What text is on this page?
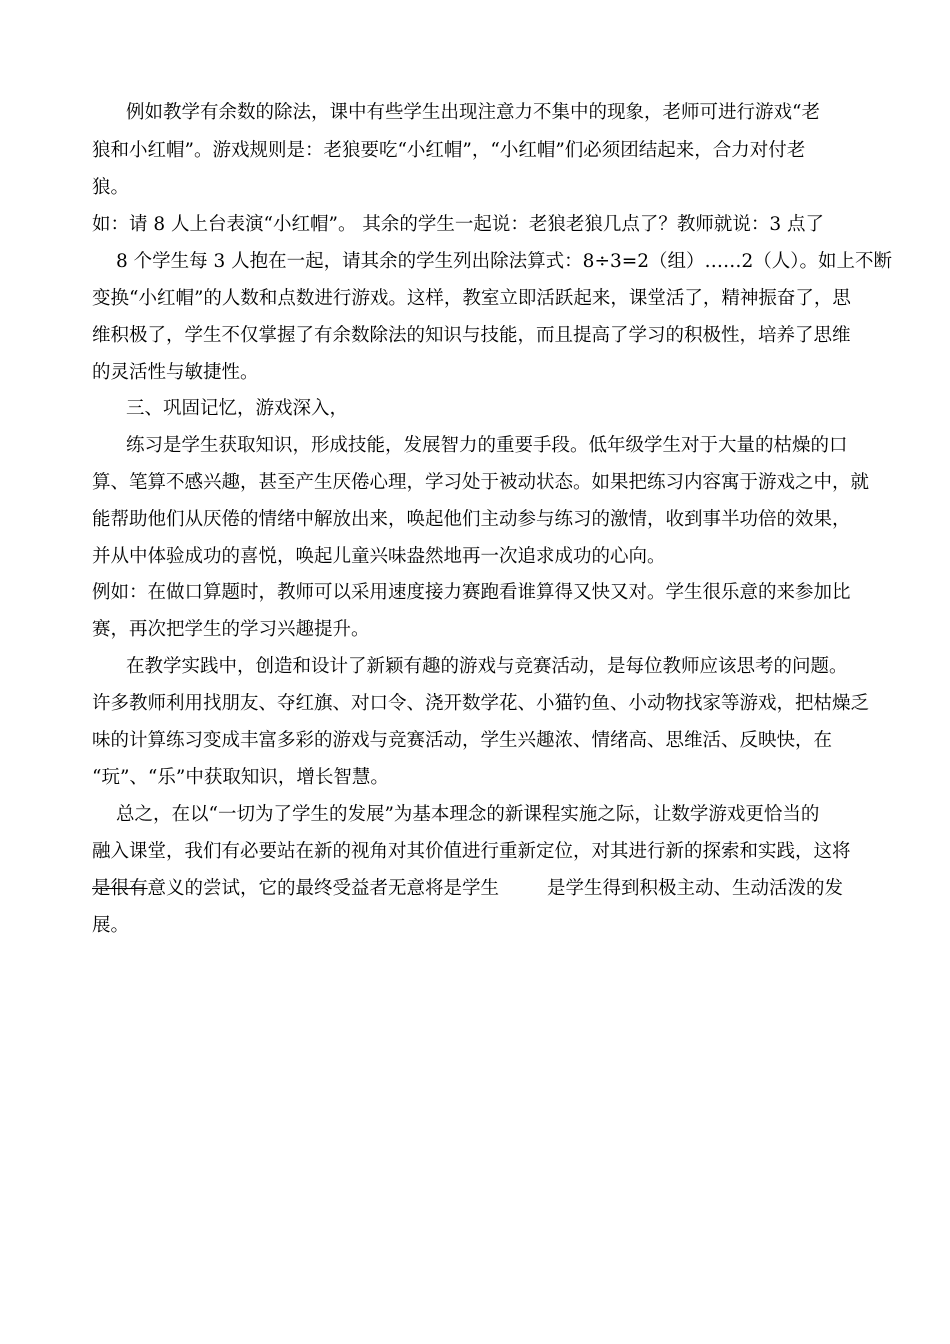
例如教学有余数的除法，课中有些学生出现注意力不集中的现象，老师可进行游戏“老
狼和小红帽”。游戏规则是：老狼要吃“小红帽”，“小红帽”们必须团结起来，合力对付老
狼。
如：请 8 人上台表演“小红帽”。 其余的学生一起说：老狼老狼几点了？教师就说：3 点了
8 个学生每 3 人抱在一起，请其余的学生列出除法算式：8÷3=2（组）……2（人）。如上不断
变换“小红帽”的人数和点数进行游戏。这样，教室立即活跃起来，课堂活了，精神振奋了，思
维积极了，学生不仅掌握了有余数除法的知识与技能，而且提高了学习的积极性，培养了思维
的灵活性与敏捷性。
三、巩固记忆，游戏深入，
练习是学生获取知识，形成技能，发展智力的重要手段。低年级学生对于大量的枯燥的口
算、笔算不感兴趣，甚至产生厌倦心理，学习处于被动状态。如果把练习内容寓于游戏之中，就
能帮助他们从厌倦的情绪中解放出来，唤起他们主动参与练习的激情，收到事半功倍的效果，
并从中体验成功的喜悦，唤起儿童兴味盎然地再一次追求成功的心向。
例如：在做口算题时，教师可以采用速度接力赛跑看谁算得又快又对。学生很乐意的来参加比
赛，再次把学生的学习兴趣提升。
在教学实践中，创造和设计了新颖有趣的游戏与竞赛活动，是每位教师应该思考的问题。
许多教师利用找朋友、夺红旗、对口令、浇开数学花、小猫钓鱼、小动物找家等游戏，把枯燥乏
味的计算练习变成丰富多彩的游戏与竞赛活动，学生兴趣浓、情绪高、思维活、反映快，在
“玩”、“乐”中获取知识，增长智慧。
总之，在以“一切为了学生的发展”为基本理念的新课程实施之际，让数学游戏更恰当的
融入课堂，我们有必要站在新的视角对其价值进行重新定位，对其进行新的探索和实践，这将
是很有意义的尝试，它的最终受益者无意将是学生	是学生得到积极主动、生动活泼的发
展。
